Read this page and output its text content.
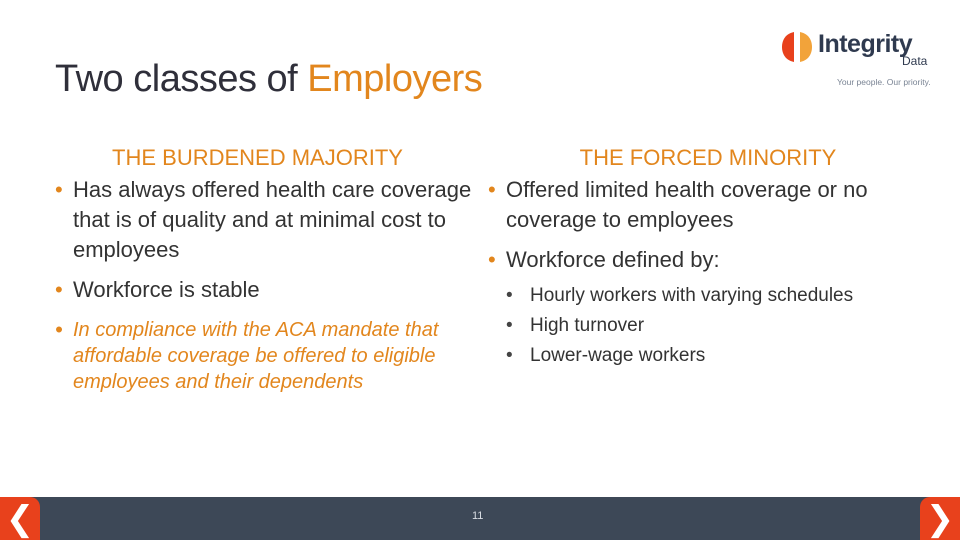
Two classes of Employers
Integrity
Data
Your people. Our priority.
THE BURDENED MAJORITY
• Has always offered health care coverage that is of quality and at minimal cost to employees
• Workforce is stable
• In compliance with the ACA mandate that affordable coverage be offered to eligible employees and their dependents
THE FORCED MINORITY
• Offered limited health coverage or no coverage to employees
• Workforce defined by:
• Hourly workers with varying schedules
• High turnover
• Lower-wage workers
11
❮	❯
